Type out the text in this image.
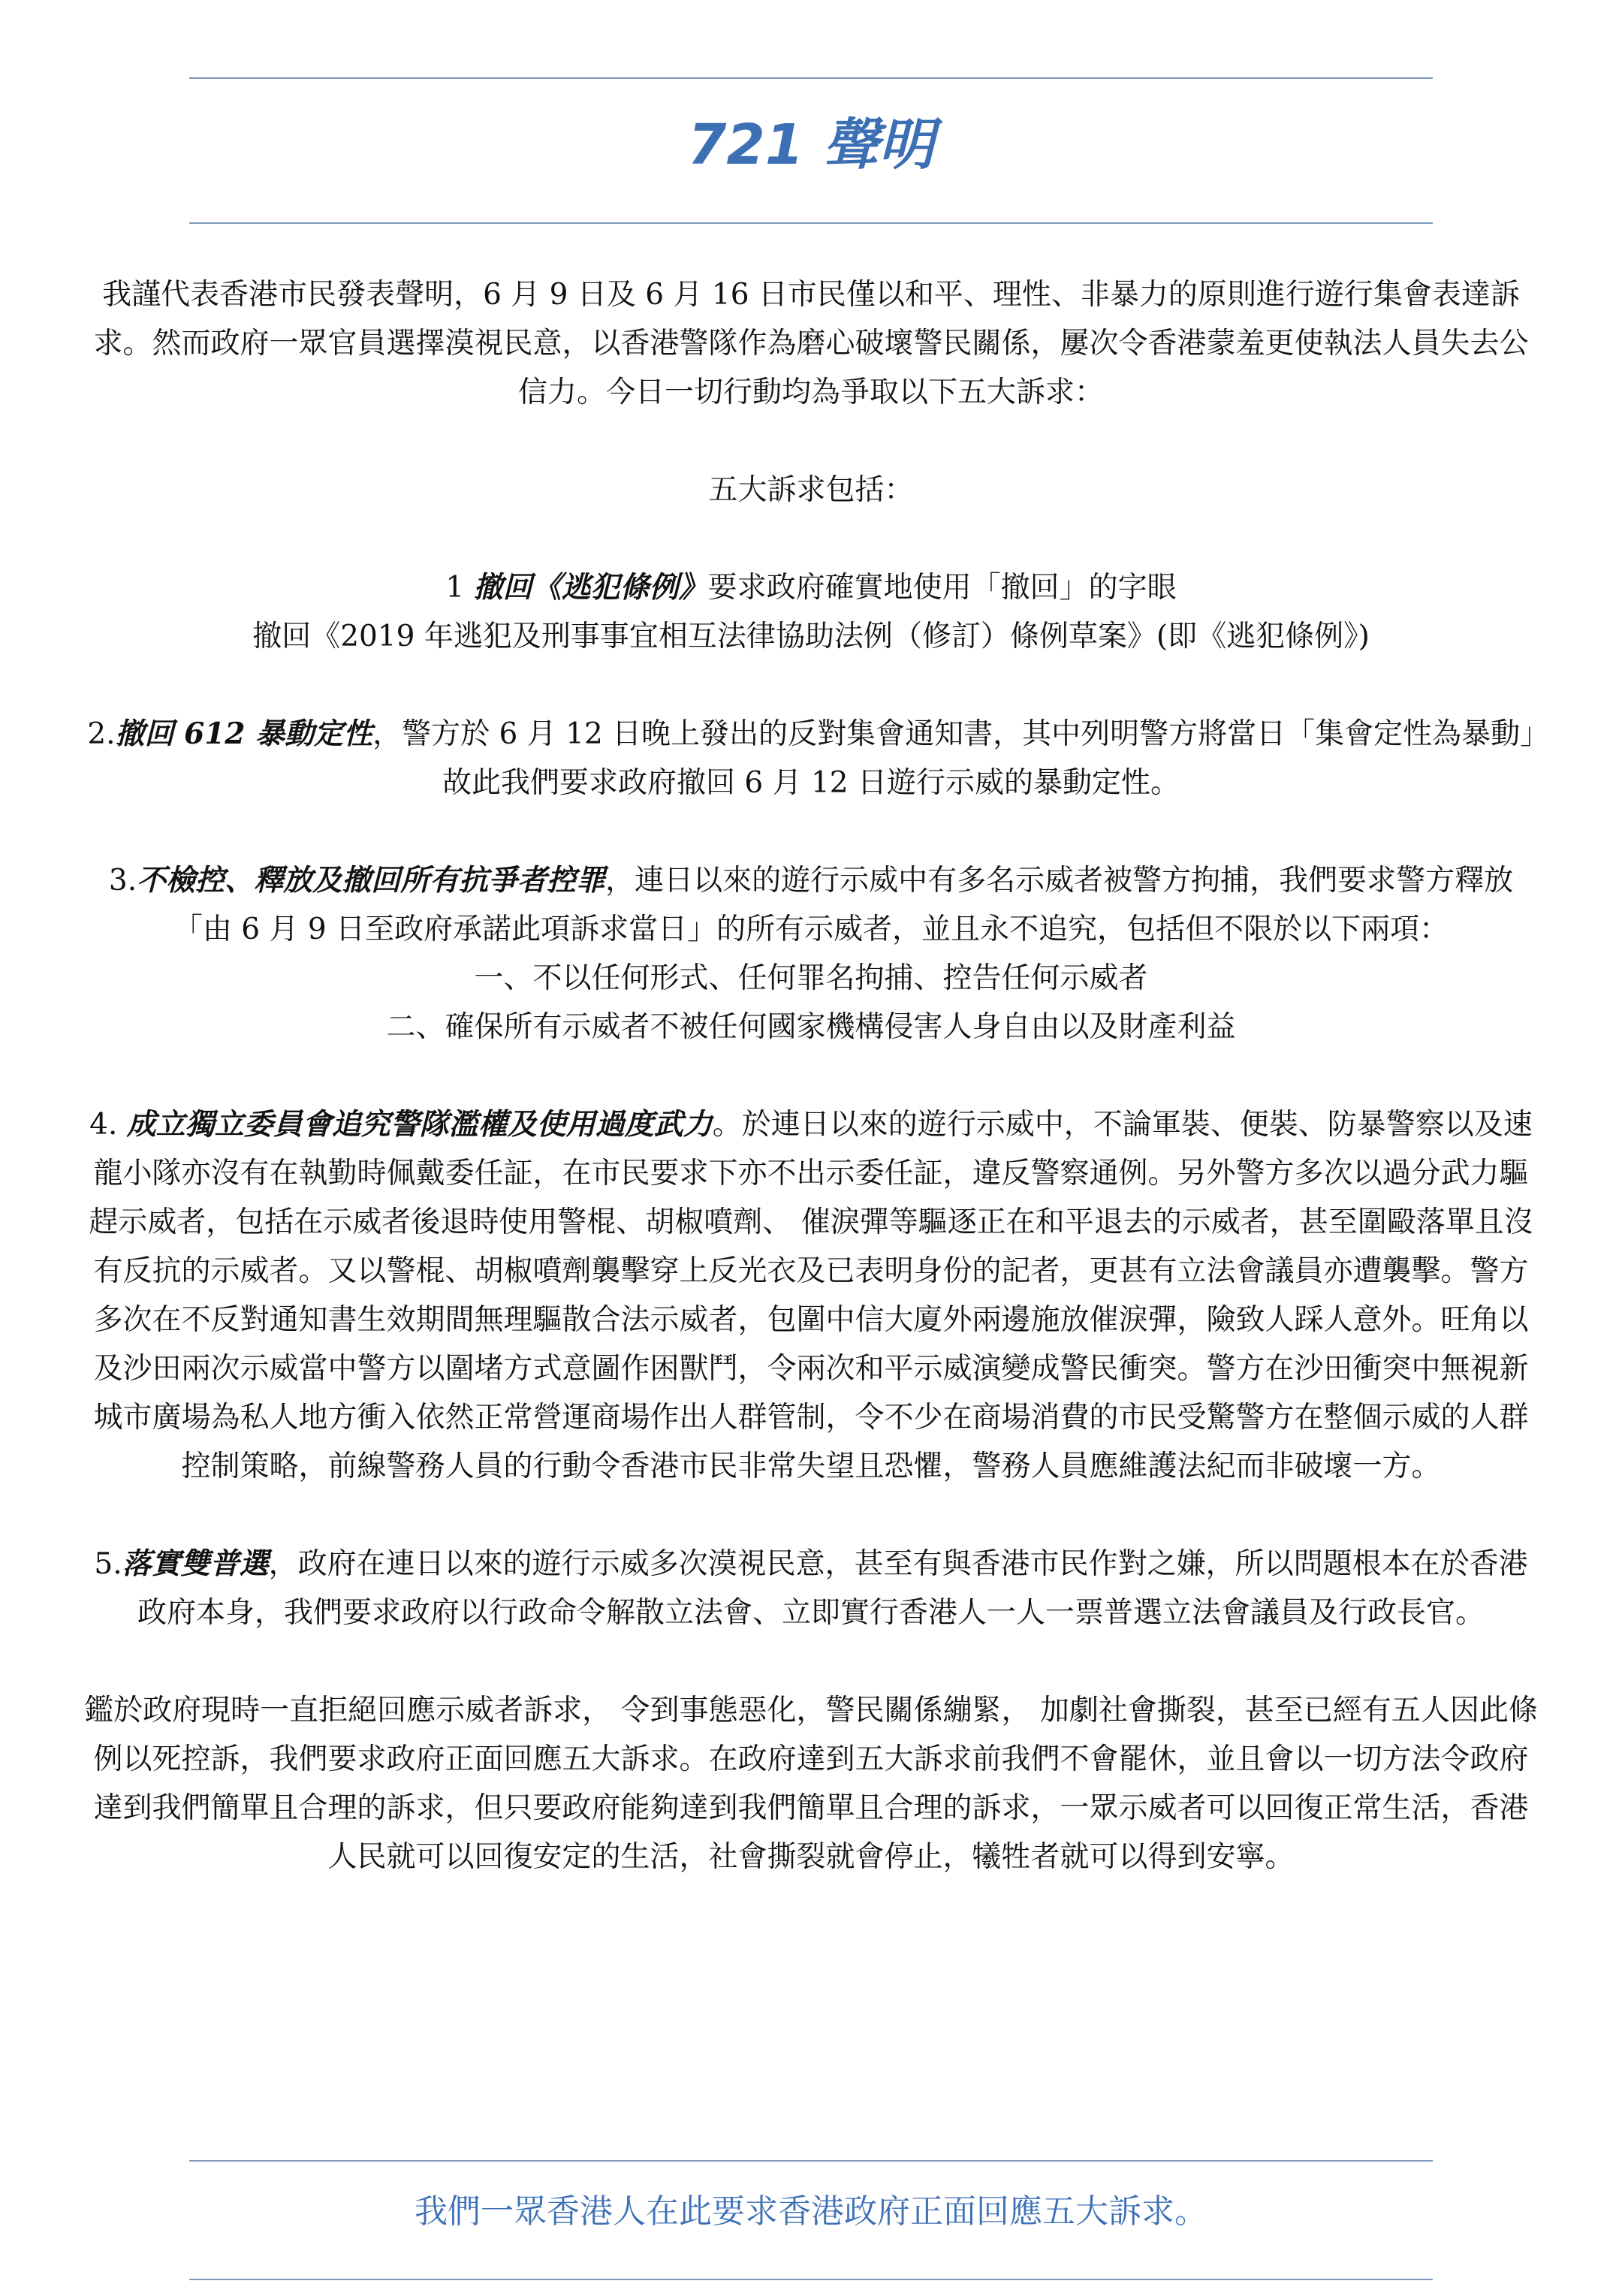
721 聲明

我謹代表香港市民發表聲明，6 月 9 日及 6 月 16 日市民僅以和平、理性、非暴力的原則進行遊行集會表達訴求。然而政府一眾官員選擇漠視民意，以香港警隊作為磨心破壞警民關係，屢次令香港蒙羞更使執法人員失去公信力。今日一切行動均為爭取以下五大訴求：

五大訴求包括：

1 撤回《逃犯條例》要求政府確實地使用「撤回」的字眼

撤回《2019 年逃犯及刑事事宜相互法律協助法例（修訂）條例草案》(即《逃犯條例》)

2.撤回 612 暴動定性，警方於 6 月 12 日晚上發出的反對集會通知書，其中列明警方將當日「集會定性為暴動」故此我們要求政府撤回 6 月 12 日遊行示威的暴動定性。

3.不檢控、釋放及撤回所有抗爭者控罪，連日以來的遊行示威中有多名示威者被警方拘捕，我們要求警方釋放「由 6 月 9 日至政府承諾此項訴求當日」的所有示威者，並且永不追究，包括但不限於以下兩項：

一、不以任何形式、任何罪名拘捕、控告任何示威者

二、確保所有示威者不被任何國家機構侵害人身自由以及財產利益

4. 成立獨立委員會追究警隊濫權及使用過度武力。於連日以來的遊行示威中，不論軍裝、便裝、防暴警察以及速龍小隊亦沒有在執勤時佩戴委任証，在市民要求下亦不出示委任証，違反警察通例。另外警方多次以過分武力驅趕示威者，包括在示威者後退時使用警棍、胡椒噴劑、 催淚彈等驅逐正在和平退去的示威者，甚至圍毆落單且沒有反抗的示威者。又以警棍、胡椒噴劑襲擊穿上反光衣及已表明身份的記者，更甚有立法會議員亦遭襲擊。警方多次在不反對通知書生效期間無理驅散合法示威者，包圍中信大廈外兩邊施放催淚彈，險致人踩人意外。旺角以及沙田兩次示威當中警方以圍堵方式意圖作困獸鬥，令兩次和平示威演變成警民衝突。警方在沙田衝突中無視新城市廣場為私人地方衝入依然正常營運商場作出人群管制，令不少在商場消費的市民受驚警方在整個示威的人群控制策略，前線警務人員的行動令香港市民非常失望且恐懼，警務人員應維護法紀而非破壞一方。

5.落實雙普選，政府在連日以來的遊行示威多次漠視民意，甚至有與香港市民作對之嫌，所以問題根本在於香港政府本身，我們要求政府以行政命令解散立法會、立即實行香港人一人一票普選立法會議員及行政長官。

鑑於政府現時一直拒絕回應示威者訴求， 令到事態惡化，警民關係繃緊， 加劇社會撕裂，甚至已經有五人因此條例以死控訴，我們要求政府正面回應五大訴求。在政府達到五大訴求前我們不會罷休，並且會以一切方法令政府達到我們簡單且合理的訴求，但只要政府能夠達到我們簡單且合理的訴求，一眾示威者可以回復正常生活，香港人民就可以回復安定的生活，社會撕裂就會停止，犧牲者就可以得到安寧。

我們一眾香港人在此要求香港政府正面回應五大訴求。
